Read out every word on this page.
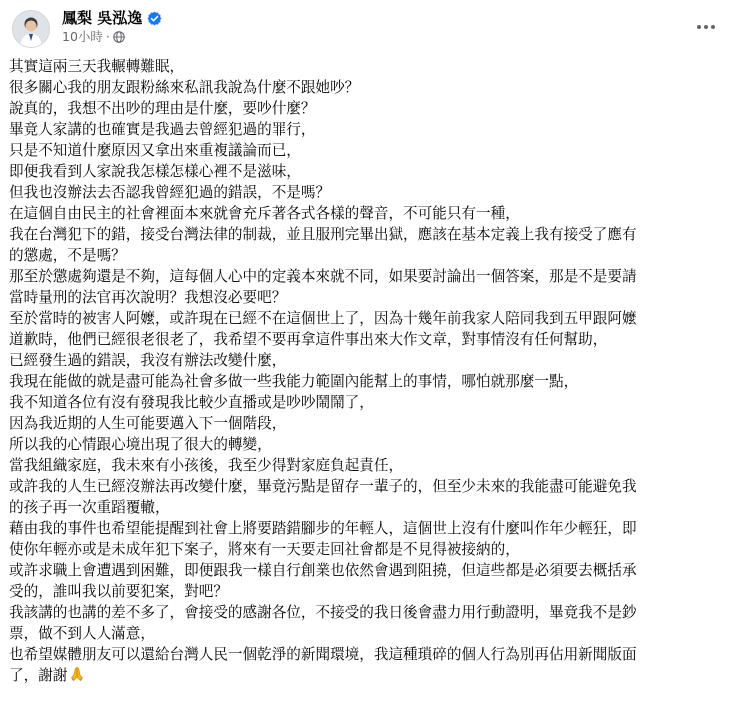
鳳梨 吳泓逸
10小時 ·
其實這兩三天我輾轉難眠，
很多關心我的朋友跟粉絲來私訊我說為什麼不跟她吵？
說真的，我想不出吵的理由是什麼，要吵什麼？
畢竟人家講的也確實是我過去曾經犯過的罪行，
只是不知道什麼原因又拿出來重複議論而已，
即便我看到人家說我怎樣怎樣心裡不是滋味，
但我也沒辦法去否認我曾經犯過的錯誤，不是嗎？
在這個自由民主的社會裡面本來就會充斥著各式各樣的聲音，不可能只有一種，
我在台灣犯下的錯，接受台灣法律的制裁，並且服刑完畢出獄，應該在基本定義上我有接受了應有
的懲處，不是嗎？
那至於懲處夠還是不夠，這每個人心中的定義本來就不同，如果要討論出一個答案，那是不是要請
當時量刑的法官再次說明？我想沒必要吧？
至於當時的被害人阿嬤，或許現在已經不在這個世上了，因為十幾年前我家人陪同我到五甲跟阿嬤
道歉時，他們已經很老很老了，我希望不要再拿這件事出來大作文章，對事情沒有任何幫助，
已經發生過的錯誤，我沒有辦法改變什麼，
我現在能做的就是盡可能為社會多做一些我能力範圍內能幫上的事情，哪怕就那麼一點，
我不知道各位有沒有發現我比較少直播或是吵吵鬧鬧了，
因為我近期的人生可能要邁入下一個階段，
所以我的心情跟心境出現了很大的轉變，
當我組織家庭，我未來有小孩後，我至少得對家庭負起責任，
或許我的人生已經沒辦法再改變什麼，畢竟污點是留存一輩子的，但至少未來的我能盡可能避免我
的孩子再一次重蹈覆轍，
藉由我的事件也希望能提醒到社會上將要踏錯腳步的年輕人，這個世上沒有什麼叫作年少輕狂，即
使你年輕亦或是未成年犯下案子，將來有一天要走回社會都是不見得被接納的，
或許求職上會遭遇到困難，即便跟我一樣自行創業也依然會遇到阻撓，但這些都是必須要去概括承
受的，誰叫我以前要犯案，對吧？
我該講的也講的差不多了，會接受的感謝各位，不接受的我日後會盡力用行動證明，畢竟我不是鈔
票，做不到人人滿意，
也希望媒體朋友可以還給台灣人民一個乾淨的新聞環境，我這種瑣碎的個人行為別再佔用新聞版面
了，謝謝
